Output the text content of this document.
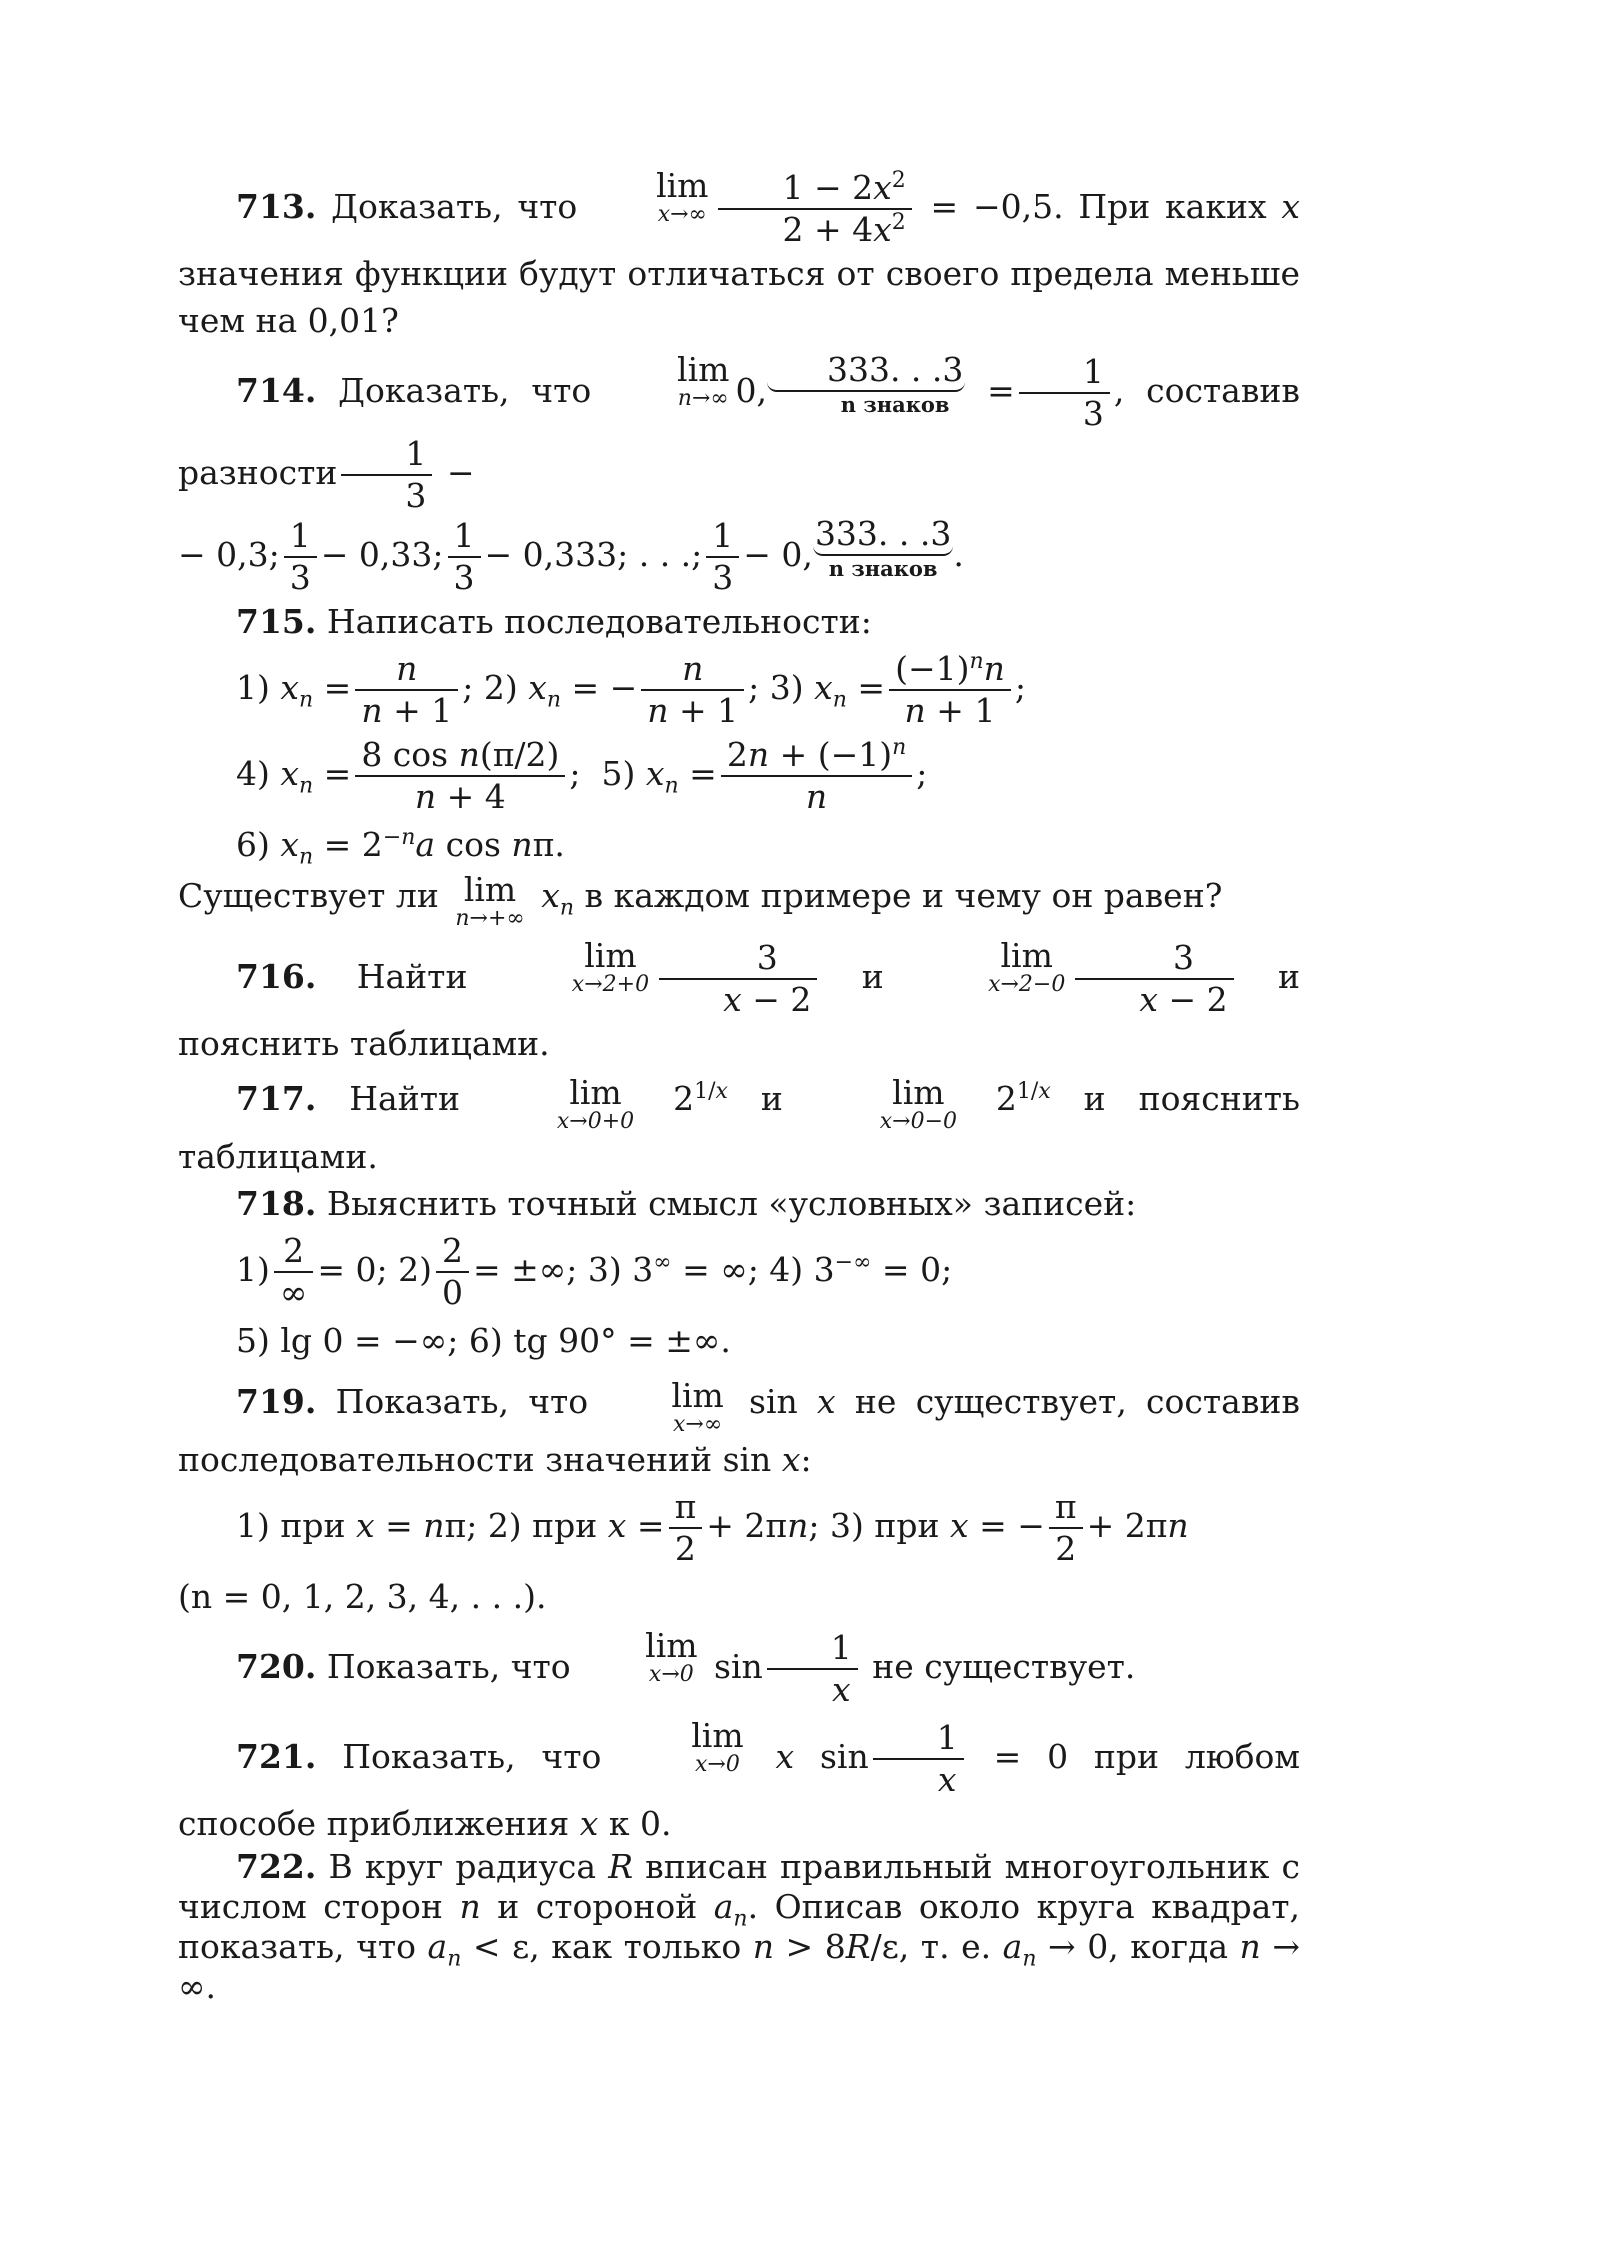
713. Доказать, что
lim
$x\to\infty \frac{1 - 2x^2}{2 + 4x^2} = -0,5$. При каких x значения функции будут отличаться от своего предела меньше чем на 0,01?

714. Доказать, что
lim
n→∞ 0,
333. . .3
n знаков = $\frac{1}{3}$ , составив разности $\frac{1}{3}$ −

− 0,3; $\frac{1}{3} - 0,33$; $\frac{1}{3} - 0,333$; . . .; $\frac{1}{3} - 0$,
333. . .3
n знаков .

715. Написать последовательности:

1) $x_n = \frac{n}{n + 1}$ ; 2) $x_n$ = − $\frac{n}{n + 1}$ ; 3) $x_n = \frac{(-1)^nn}{n + 1}$ ;
4) $x_n = \frac{\text{8 cos n(π/2)}}{n + 4}$ ;  5) $x_n = \frac{2n + (-1)^n}{n}$ ;
6) $x_n = 2^{-n}a$ cos nπ.

Существует ли lim
n→+∞
$x_n$ в каждом примере и чему он равен?

716. Найти
lim
$x\to 2+0 \frac{3}{x - 2}$ и
lim
$x\to 2-0 \frac{3}{x - 2}$ и пояснить таблицами.

717. Найти	lim
x→0+0
$2^{1/x}$ и	lim
x→0−0
$2^{1/x}$ и пояснить таблицами.

718. Выяснить точный смысл «условных» записей:

$1) \frac{2}{\infty} = 0$; $2) \frac{2}{0}$ = ±∞; 3) 3∞ = ∞; 4) 3−∞ = 0;
5) lg 0 = −∞; 6) tg 90° = ±∞.

719. Показать, что	lim
x→∞
sin x не существует, составив последовательности значений sin x:

1) при x = nπ; 2) при $x = \frac{\pi}{2} + 2\pi n$; 3) при x = − $\frac{\pi}{2} + 2\pi n$

(n = 0, 1, 2, 3, 4, . . .).

720. Показать, что
lim
x→0 $\sin \frac{1}{x}$ не существует.

721. Показать, что
lim
x→0 x $\sin \frac{1}{x} = 0$ при любом способе приближения x к 0.

722. В круг радиуса R вписан правильный многоугольник с числом сторон n и стороной $a_n$. Описав около круга квадрат, показать, что $a_n < \varepsilon$, как только n > 8R/ε, т. е. $a_n \to 0$, когда n → ∞.
